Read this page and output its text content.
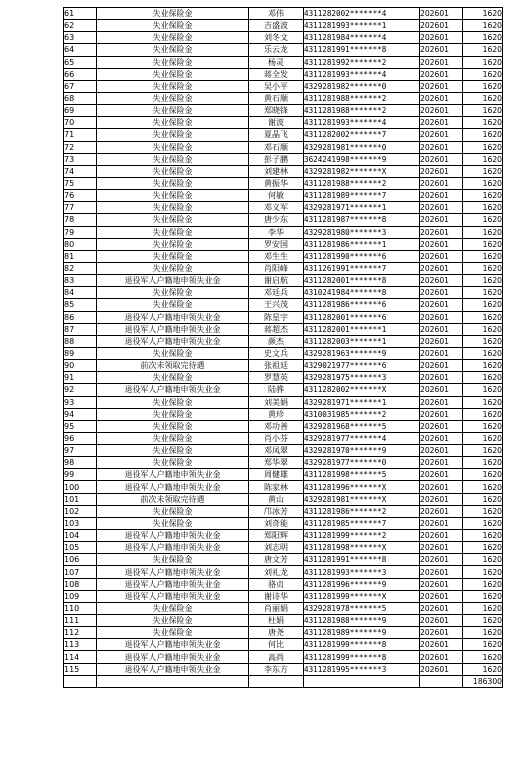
61	失业保险金	邓伟	4311282002*******4	202601	1620
62	失业保险金	吉盛波	4311281993*******1	202601	1620
63	失业保险金	刘冬文	4311281984*******4	202601	1620
64	失业保险金	乐云龙	4311281991*******8	202601	1620
65	失业保险金	杨灵	4311281992*******2	202601	1620
66	失业保险金	蒋全发	4311281993*******4	202601	1620
67	失业保险金	吴小平	4329281982*******0	202601	1620
68	失业保险金	黄石顺	4311281988*******2	202601	1620
69	失业保险金	郑晓锋	4311281988*******2	202601	1620
70	失业保险金	谢波	4311281993*******4	202601	1620
71	失业保险金	夏晶飞	4311282002*******7	202601	1620
72	失业保险金	邓石顺	4329281981*******0	202601	1620
73	失业保险金	彭子鹏	3624241998*******9	202601	1620
74	失业保险金	刘建林	4329281982*******X	202601	1620
75	失业保险金	黄振华	4311281988*******2	202601	1620
76	失业保险金	何敏	4311281989*******7	202601	1620
77	失业保险金	邓义军	4329281971*******1	202601	1620
78	失业保险金	唐少东	4311281987*******8	202601	1620
79	失业保险金	李华	4329281980*******3	202601	1620
80	失业保险金	罗安国	4311281986*******1	202601	1620
81	失业保险金	邓生生	4311281990*******6	202601	1620
82	失业保险金	肖阳峰	4311261991*******7	202601	1620
83	退役军人户籍地申领失业金	谢启航	4311282001*******8	202601	1620
84	失业保险金	邓廷兵	4310241984*******8	202601	1620
85	失业保险金	王兴茂	4311281986*******6	202601	1620
86	退役军人户籍地申领失业金	陈星宇	4311282001*******6	202601	1620
87	退役军人户籍地申领失业金	蒋超杰	4311282001*******1	202601	1620
88	退役军人户籍地申领失业金	颜杰	4311282003*******1	202601	1620
89	失业保险金	史文兵	4329281963*******9	202601	1620
90	前次未领取完待遇	张祖廷	4329021977*******6	202601	1620
91	失业保险金	罗慧英	4329281975*******3	202601	1620
92	退役军人户籍地申领失业金	陆骅	4311282002*******X	202601	1620
93	失业保险金	刘美娟	4329281971*******1	202601	1620
94	失业保险金	黄珍	4310031985*******2	202601	1620
95	失业保险金	邓功善	4329281968*******5	202601	1620
96	失业保险金	肖小芬	4329281977*******4	202601	1620
97	失业保险金	邓凤翠	4329281970*******9	202601	1620
98	失业保险金	郑华翠	4329281977*******0	202601	1620
99	退役军人户籍地申领失业金	周健雄	4311281998*******5	202601	1620
100	退役军人户籍地申领失业金	陈家林	4311281996*******X	202601	1620
101	前次未领取完待遇	黄山	4329281981*******X	202601	1620
102	失业保险金	邝冰芳	4311281986*******2	202601	1620
103	失业保险金	刘奇能	4311281985*******7	202601	1620
104	退役军人户籍地申领失业金	郑阳辉	4311281999*******2	202601	1620
105	退役军人户籍地申领失业金	刘志明	4311281998*******X	202601	1620
106	失业保险金	唐文芳	4311281991*******8	202601	1620
107	退役军人户籍地申领失业金	刘礼龙	4311281993*******3	202601	1620
108	退役军人户籍地申领失业金	骆贞	4311281996*******9	202601	1620
109	退役军人户籍地申领失业金	谢诗华	4311281999*******X	202601	1620
110	失业保险金	肖丽娟	4329281978*******5	202601	1620
111	失业保险金	杜娟	4311281988*******9	202601	1620
112	失业保险金	唐尧	4311281989*******9	202601	1620
113	退役军人户籍地申领失业金	何比	4311281999*******8	202601	1620
114	退役军人户籍地申领失业金	高尚	4311281999*******8	202601	1620
115	退役军人户籍地申领失业金	李东方	4311281995*******3	202601	1620
					186300
